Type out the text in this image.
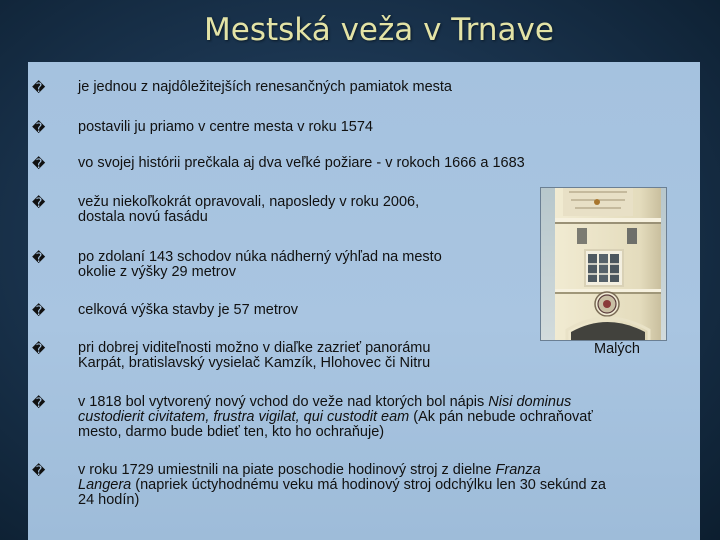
Mestská veža v Trnave
� je jednou z najdôležitejších renesančných pamiatok mesta
� postavili ju priamo v centre mesta v roku 1574
� vo svojej histórii prečkala aj dva veľké požiare - v rokoch 1666 a 1683
� vežu niekoľkokrát opravovali, naposledy v roku 2006,
dostala novú fasádu
� po zdolaní 143 schodov núka nádherný výhľad na mesto
okolie z výšky 29 metrov
� celková výška stavby je 57 metrov
� pri dobrej viditeľnosti možno v diaľke zazrieť panorámu
Karpát, bratislavský vysielač Kamzík, Hlohovec či Nitru
Malých
� v 1818 bol vytvorený nový vchod do veže nad ktorých bol nápis Nisi dominus
custodierit civitatem, frustra vigilat, qui custodit eam (Ak pán nebude ochraňovať
mesto, darmo bude bdieť ten, kto ho ochraňuje)
� v roku 1729 umiestnili na piate poschodie hodinový stroj z dielne Franza
Langera (napriek úctyhodnému veku má hodinový stroj odchýlku len 30 sekúnd za
24 hodín)
